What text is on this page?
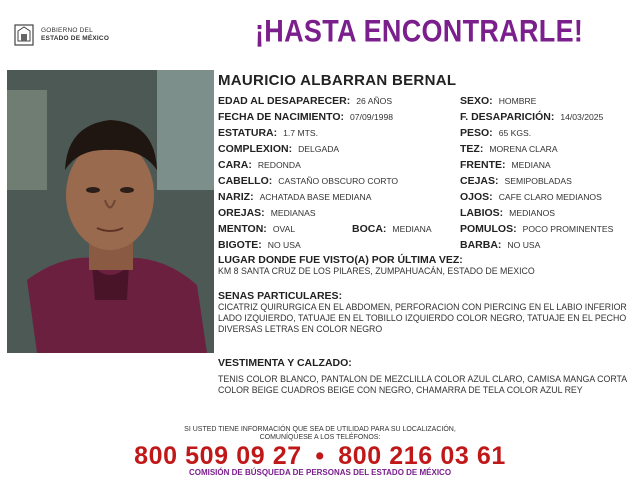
GOBIERNO DEL
ESTADO DE MÉXICO	¡HASTA ENCONTRARLE!
MAURICIO ALBARRAN BERNAL
EDAD AL DESAPARECER: 26 AÑOS	SEXO: HOMBRE
FECHA DE NACIMIENTO: 07/09/1998	F. DESAPARICIÓN: 14/03/2025
ESTATURA: 1.7 MTS.	PESO: 65 KGS.
COMPLEXION: DELGADA	TEZ: MORENA CLARA
CARA: REDONDA	FRENTE: MEDIANA
CABELLO: CASTAÑO OBSCURO CORTO	CEJAS: SEMIPOBLADAS
NARIZ: ACHATADA BASE MEDIANA	OJOS: CAFE CLARO MEDIANOS
OREJAS: MEDIANAS	LABIOS: MEDIANOS
MENTON: OVAL	BOCA: MEDIANA	POMULOS: POCO PROMINENTES
BIGOTE: NO USA	BARBA: NO USA
LUGAR DONDE FUE VISTO(A) POR ÚLTIMA VEZ:
KM 8 SANTA CRUZ DE LOS PILARES, ZUMPAHUACÁN, ESTADO DE MEXICO
SENAS PARTICULARES:
CICATRIZ QUIRURGICA EN EL ABDOMEN, PERFORACION CON PIERCING EN EL LABIO INFERIOR LADO IZQUIERDO, TATUAJE EN EL TOBILLO IZQUIERDO COLOR NEGRO, TATUAJE EN EL PECHO DIVERSAS LETRAS EN COLOR NEGRO
VESTIMENTA Y CALZADO:
TENIS COLOR BLANCO, PANTALON DE MEZCLILLA COLOR AZUL CLARO, CAMISA MANGA CORTA COLOR BEIGE CUADROS BEIGE CON NEGRO, CHAMARRA DE TELA COLOR AZUL REY
SI USTED TIENE INFORMACIÓN QUE SEA DE UTILIDAD PARA SU LOCALIZACIÓN,
COMUNÍQUESE A LOS TELÉFONOS:
800 509 09 27 • 800 216 03 61
COMISIÓN DE BÚSQUEDA DE PERSONAS DEL ESTADO DE MÉXICO
